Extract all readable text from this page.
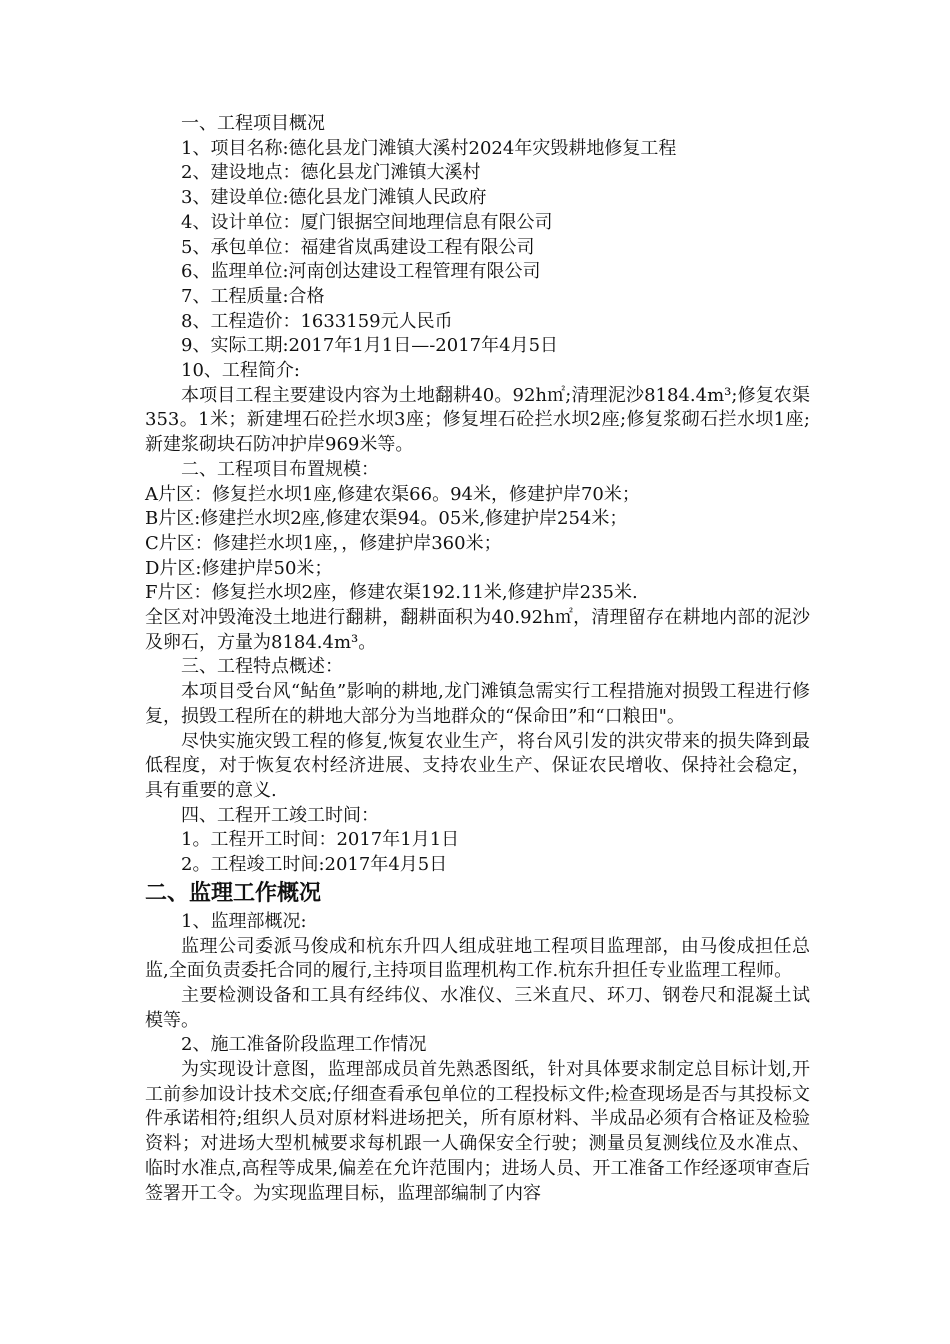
一、工程项目概况
1、项目名称:德化县龙门滩镇大溪村2024年灾毁耕地修复工程
2、建设地点：德化县龙门滩镇大溪村
3、建设单位:德化县龙门滩镇人民政府
4、设计单位：厦门银据空间地理信息有限公司
5、承包单位：福建省岚禹建设工程有限公司
6、监理单位:河南创达建设工程管理有限公司
7、工程质量:合格
8、工程造价：1633159元人民币
9、实际工期:2017年1月1日—-2017年4月5日
10、工程简介:

本项目工程主要建设内容为土地翻耕40。92h㎡;清理泥沙8184.4m³;修复农渠353。1米；新建埋石砼拦水坝3座；修复埋石砼拦水坝2座;修复浆砌石拦水坝1座;新建浆砌块石防冲护岸969米等。

二、工程项目布置规模：
A片区：修复拦水坝1座,修建农渠66。94米，修建护岸70米；
B片区:修建拦水坝2座,修建农渠94。05米,修建护岸254米；
C片区：修建拦水坝1座，，修建护岸360米；
D片区:修建护岸50米；
F片区：修复拦水坝2座，修建农渠192.11米,修建护岸235米.

全区对冲毁淹没土地进行翻耕，翻耕面积为40.92h㎡，清理留存在耕地内部的泥沙及卵石，方量为8184.4m³。

三、工程特点概述：

本项目受台风“鲇鱼”影响的耕地,龙门滩镇急需实行工程措施对损毁工程进行修复，损毁工程所在的耕地大部分为当地群众的“保命田”和“口粮田"。

尽快实施灾毁工程的修复,恢复农业生产，将台风引发的洪灾带来的损失降到最低程度，对于恢复农村经济进展、支持农业生产、保证农民增收、保持社会稳定，具有重要的意义.

四、工程开工竣工时间：
1。工程开工时间：2017年1月1日
2。工程竣工时间:2017年4月5日
二、监理工作概况
1、监理部概况:

监理公司委派马俊成和杭东升四人组成驻地工程项目监理部，由马俊成担任总监,全面负责委托合同的履行,主持项目监理机构工作.杭东升担任专业监理工程师。

主要检测设备和工具有经纬仪、水准仪、三米直尺、环刀、钢卷尺和混凝土试模等。

2、施工准备阶段监理工作情况

为实现设计意图，监理部成员首先熟悉图纸，针对具体要求制定总目标计划,开工前参加设计技术交底;仔细查看承包单位的工程投标文件;检查现场是否与其投标文件承诺相符;组织人员对原材料进场把关，所有原材料、半成品必须有合格证及检验资料；对进场大型机械要求每机跟一人确保安全行驶；测量员复测线位及水准点、临时水准点,高程等成果,偏差在允许范围内；进场人员、开工准备工作经逐项审查后签署开工令。为实现监理目标，监理部编制了内容
